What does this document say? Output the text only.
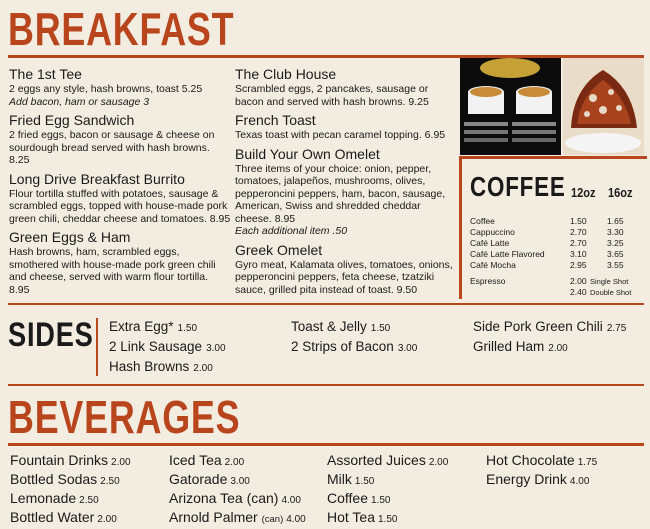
BREAKFAST

The 1st Tee

2 eggs any style, hash browns, toast 5.25

Add bacon, ham or sausage 3

Fried Egg Sandwich

2 fried eggs, bacon or sausage & cheese on sourdough bread served with hash browns. 8.25

Long Drive Breakfast Burrito

Flour tortilla stuffed with potatoes, sausage & scrambled eggs, topped with house-made pork green chili, cheddar cheese and tomatoes. 8.95

Green Eggs & Ham

Hash browns, ham, scrambled eggs, smothered with house-made pork green chili and cheese, served with warm flour tortilla. 8.95

The Club House

Scrambled eggs, 2 pancakes, sausage or bacon and served with hash browns. 9.25

French Toast

Texas toast with pecan caramel topping. 6.95

Build Your Own Omelet

Three items of your choice: onion, pepper, tomatoes, jalapeños, mushrooms, olives, pepperoncini peppers, ham, bacon, sausage, American, Swiss and shredded cheddar cheese. 8.95

Each additional item .50

Greek Omelet

Gyro meat, Kalamata olives, tomatoes, onions, pepperoncini peppers, feta cheese, tzatziki sauce, grilled pita instead of toast. 9.50

COFFEE 12oz 16oz
Coffee	1.50 1.65
Cappuccino	2.70 3.30
Café Latte	2.70 3.25
Café Latte Flavored	3.10 3.65
Café Mocha	2.95 3.55
Espresso	2.00 Single Shot
2.40 Double Shot
SIDES Extra Egg* 1.50
2 Link Sausage 3.00
Hash Browns 2.00
Toast & Jelly 1.50
2 Strips of Bacon 3.00
Side Pork Green Chili 2.75
Grilled Ham 2.00
BEVERAGES
Fountain Drinks 2.00
Bottled Sodas 2.50
Lemonade 2.50
Bottled Water 2.00
Iced Tea 2.00
Gatorade 3.00
Arizona Tea (can) 4.00
Arnold Palmer (can) 4.00
Assorted Juices 2.00
Milk 1.50
Coffee 1.50
Hot Tea 1.50
Hot Chocolate 1.75
Energy Drink 4.00
